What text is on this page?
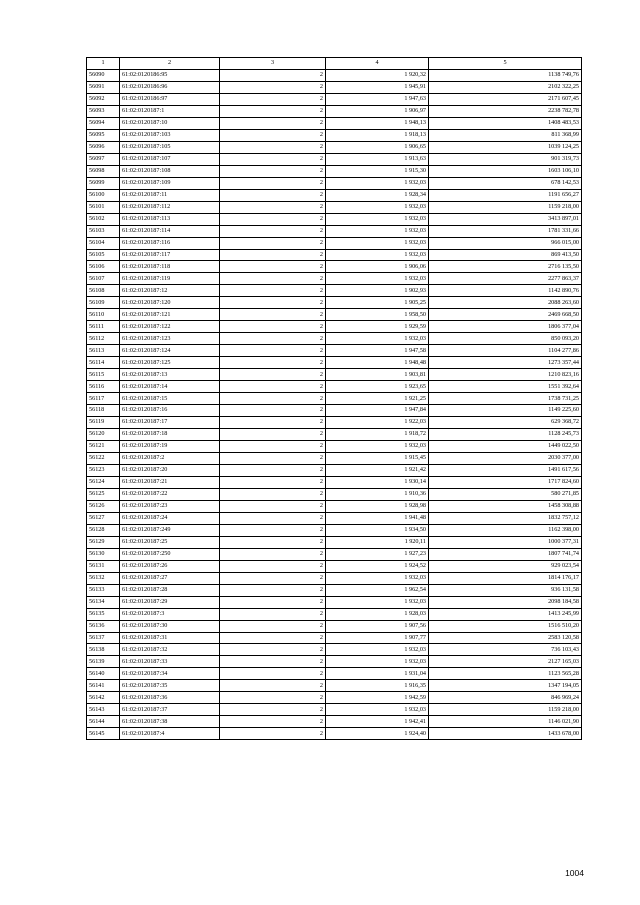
1	2	3	4	5
56090	61:02:0120186:95	2	1 920,32	1138 749,76
56091	61:02:0120186:96	2	1 945,91	2102 322,25
56092	61:02:0120186:97	2	1 947,63	2171 607,45
56093	61:02:0120187:1	2	1 906,97	2238 782,78
56094	61:02:0120187:10	2	1 948,13	1408 483,53
56095	61:02:0120187:103	2	1 918,13	811 368,99
56096	61:02:0120187:105	2	1 906,65	1039 124,25
56097	61:02:0120187:107	2	1 913,63	901 319,73
56098	61:02:0120187:108	2	1 915,30	1603 106,10
56099	61:02:0120187:109	2	1 932,03	678 142,53
56100	61:02:0120187:11	2	1 928,34	1191 656,27
56101	61:02:0120187:112	2	1 932,03	1159 218,00
56102	61:02:0120187:113	2	1 932,03	3413 897,01
56103	61:02:0120187:114	2	1 932,03	1781 331,66
56104	61:02:0120187:116	2	1 932,03	966 015,00
56105	61:02:0120187:117	2	1 932,03	869 413,50
56106	61:02:0120187:118	2	1 906,06	2716 135,50
56107	61:02:0120187:119	2	1 932,03	2277 863,37
56108	61:02:0120187:12	2	1 902,93	1142 890,76
56109	61:02:0120187:120	2	1 905,25	2088 263,60
56110	61:02:0120187:121	2	1 958,50	2469 668,50
56111	61:02:0120187:122	2	1 929,59	1806 377,04
56112	61:02:0120187:123	2	1 932,03	850 093,20
56113	61:02:0120187:124	2	1 947,58	1104 277,86
56114	61:02:0120187:125	2	1 948,48	1273 357,44
56115	61:02:0120187:13	2	1 903,81	1210 823,16
56116	61:02:0120187:14	2	1 923,65	1551 392,64
56117	61:02:0120187:15	2	1 921,25	1738 731,25
56118	61:02:0120187:16	2	1 947,84	1149 225,60
56119	61:02:0120187:17	2	1 922,03	629 368,72
56120	61:02:0120187:18	2	1 918,72	1128 245,73
56121	61:02:0120187:19	2	1 932,03	1449 022,50
56122	61:02:0120187:2	2	1 915,45	2030 377,00
56123	61:02:0120187:20	2	1 921,42	1491 617,56
56124	61:02:0120187:21	2	1 930,14	1717 824,60
56125	61:02:0120187:22	2	1 910,36	580 271,85
56126	61:02:0120187:23	2	1 928,98	1458 308,88
56127	61:02:0120187:24	2	1 941,48	1832 757,12
56128	61:02:0120187:249	2	1 934,50	1162 398,00
56129	61:02:0120187:25	2	1 920,11	1000 377,31
56130	61:02:0120187:250	2	1 927,23	1807 741,74
56131	61:02:0120187:26	2	1 924,52	929 023,54
56132	61:02:0120187:27	2	1 932,03	1814 176,17
56133	61:02:0120187:28	2	1 962,54	936 131,58
56134	61:02:0120187:29	2	1 932,03	2098 184,58
56135	61:02:0120187:3	2	1 928,03	1413 245,99
56136	61:02:0120187:30	2	1 907,56	1516 510,20
56137	61:02:0120187:31	2	1 907,77	2583 120,58
56138	61:02:0120187:32	2	1 932,03	736 103,43
56139	61:02:0120187:33	2	1 932,03	2127 165,03
56140	61:02:0120187:34	2	1 931,04	1123 565,28
56141	61:02:0120187:35	2	1 916,35	1347 194,05
56142	61:02:0120187:36	2	1 942,59	846 969,24
56143	61:02:0120187:37	2	1 932,03	1159 218,00
56144	61:02:0120187:38	2	1 942,41	1146 021,90
56145	61:02:0120187:4	2	1 924,40	1433 678,00
1004
